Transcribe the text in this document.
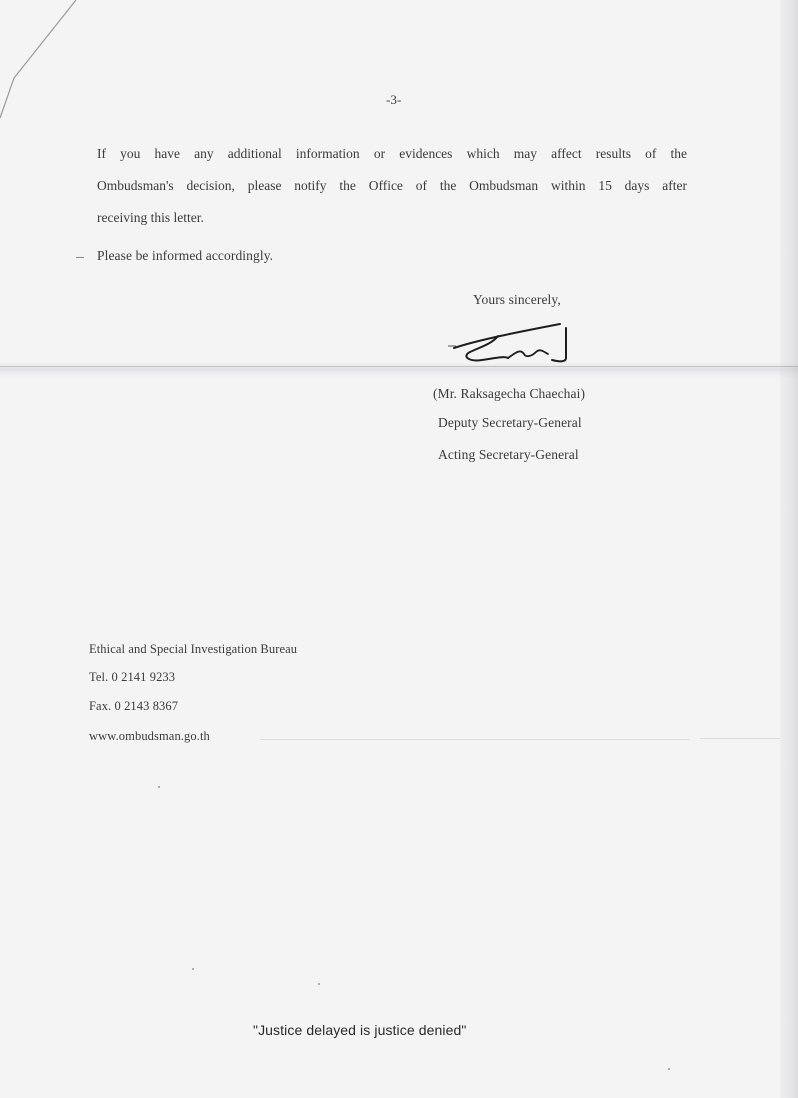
-3-
If you have any additional information or evidences which may affect results of the
Ombudsman's decision, please notify the Office of the Ombudsman within 15 days after
receiving this letter.
Please be informed accordingly.
Yours sincerely,
(Mr. Raksagecha Chaechai)
Deputy Secretary-General
Acting Secretary-General
Ethical and Special Investigation Bureau
Tel. 0 2141 9233
Fax. 0 2143 8367
www.ombudsman.go.th
"Justice delayed is justice denied"
